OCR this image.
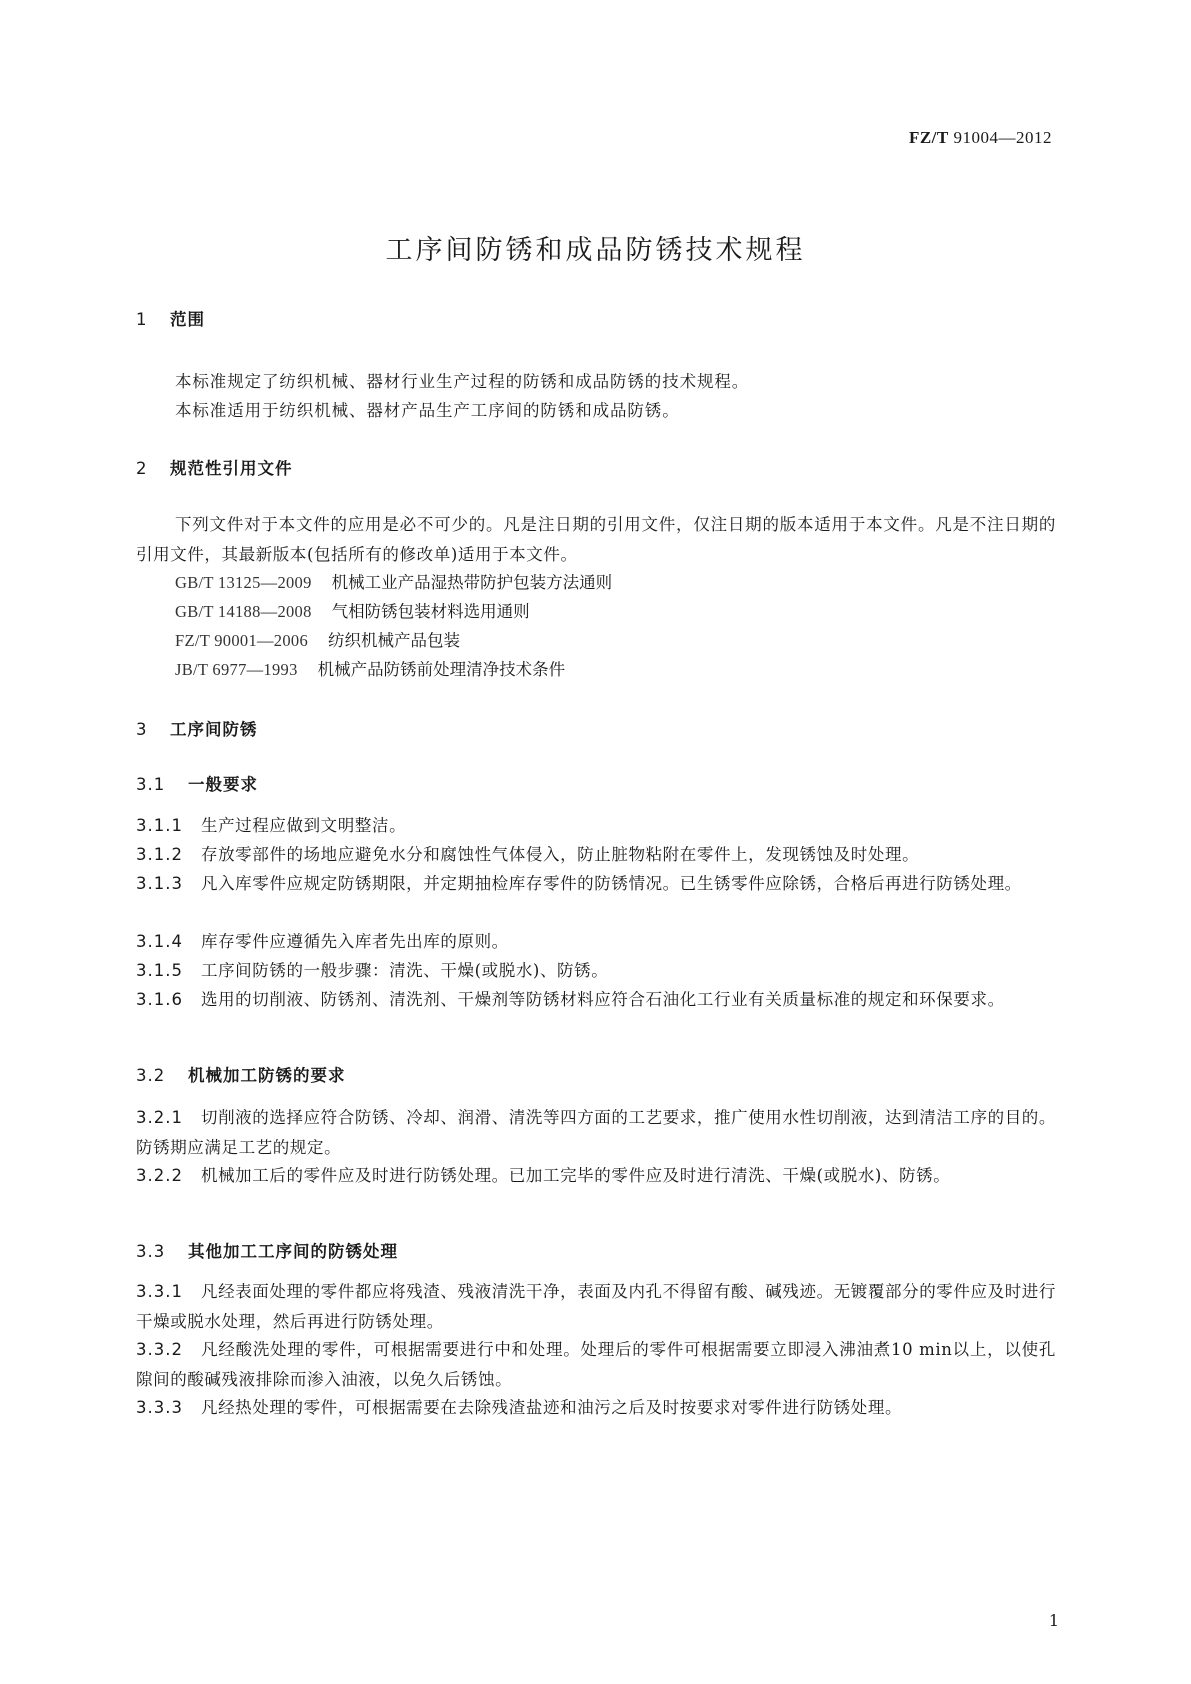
FZ/T 91004—2012
工序间防锈和成品防锈技术规程
1 范围
本标准规定了纺织机械、器材行业生产过程的防锈和成品防锈的技术规程。
本标准适用于纺织机械、器材产品生产工序间的防锈和成品防锈。
2 规范性引用文件
下列文件对于本文件的应用是必不可少的。凡是注日期的引用文件，仅注日期的版本适用于本文件。凡是不注日期的引用文件，其最新版本(包括所有的修改单)适用于本文件。
GB/T 13125—2009 机械工业产品湿热带防护包装方法通则
GB/T 14188—2008 气相防锈包装材料选用通则
FZ/T 90001—2006 纺织机械产品包装
JB/T 6977—1993 机械产品防锈前处理清净技术条件
3 工序间防锈
3.1 一般要求
3.1.1 生产过程应做到文明整洁。
3.1.2 存放零部件的场地应避免水分和腐蚀性气体侵入，防止脏物粘附在零件上，发现锈蚀及时处理。
3.1.3 凡入库零件应规定防锈期限，并定期抽检库存零件的防锈情况。已生锈零件应除锈，合格后再进行防锈处理。
3.1.4 库存零件应遵循先入库者先出库的原则。
3.1.5 工序间防锈的一般步骤：清洗、干燥(或脱水)、防锈。
3.1.6 选用的切削液、防锈剂、清洗剂、干燥剂等防锈材料应符合石油化工行业有关质量标准的规定和环保要求。
3.2 机械加工防锈的要求
3.2.1 切削液的选择应符合防锈、冷却、润滑、清洗等四方面的工艺要求，推广使用水性切削液，达到清洁工序的目的。防锈期应满足工艺的规定。
3.2.2 机械加工后的零件应及时进行防锈处理。已加工完毕的零件应及时进行清洗、干燥(或脱水)、防锈。
3.3 其他加工工序间的防锈处理
3.3.1 凡经表面处理的零件都应将残渣、残液清洗干净，表面及内孔不得留有酸、碱残迹。无镀覆部分的零件应及时进行干燥或脱水处理，然后再进行防锈处理。
3.3.2 凡经酸洗处理的零件，可根据需要进行中和处理。处理后的零件可根据需要立即浸入沸油煮10 min以上，以使孔隙间的酸碱残液排除而渗入油液，以免久后锈蚀。
3.3.3 凡经热处理的零件，可根据需要在去除残渣盐迹和油污之后及时按要求对零件进行防锈处理。
1
